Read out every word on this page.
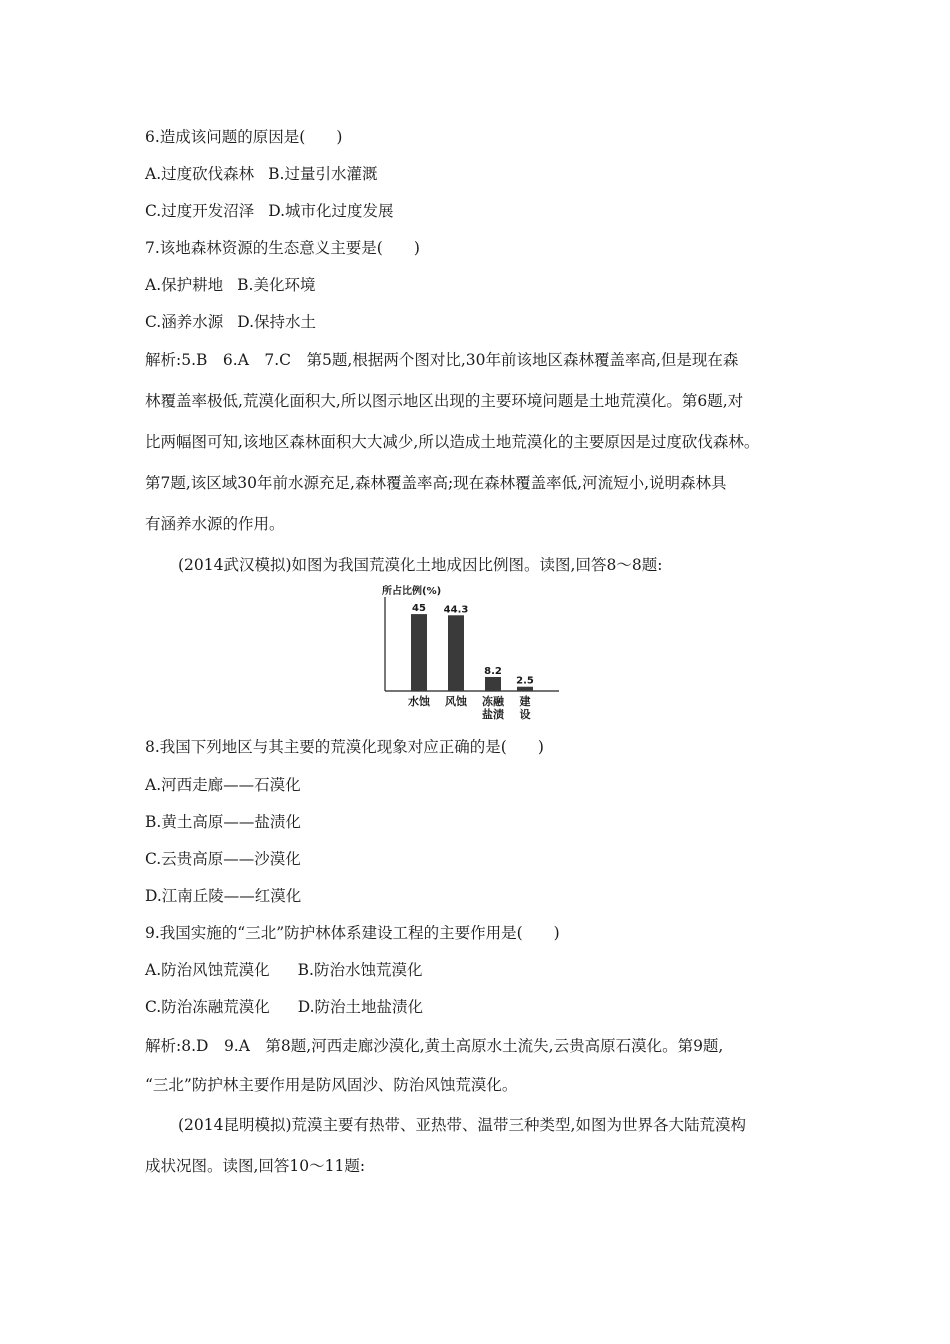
6.造成该问题的原因是(　　)
A.过度砍伐森林 B.过量引水灌溉
C.过度开发沼泽 D.城市化过度发展
7.该地森林资源的生态意义主要是(　　)
A.保护耕地 B.美化环境
C.涵养水源 D.保持水土
解析:5.B　6.A　7.C　第5题,根据两个图对比,30年前该地区森林覆盖率高,但是现在森
林覆盖率极低,荒漠化面积大,所以图示地区出现的主要环境问题是土地荒漠化。第6题,对
比两幅图可知,该地区森林面积大大减少,所以造成土地荒漠化的主要原因是过度砍伐森林。
第7题,该区域30年前水源充足,森林覆盖率高;现在森林覆盖率低,河流短小,说明森林具
有涵养水源的作用。
(2014武汉模拟)如图为我国荒漠化土地成因比例图。读图,回答8～8题:
所占比例(%)
45
水蚀
44.3
风蚀
8.2
冻融
盐渍
2.5
建
设
8.我国下列地区与其主要的荒漠化现象对应正确的是(　　)
A.河西走廊——石漠化
B.黄土高原——盐渍化
C.云贵高原——沙漠化
D.江南丘陵——红漠化
9.我国实施的“三北”防护林体系建设工程的主要作用是(　　)
A.防治风蚀荒漠化 B.防治水蚀荒漠化
C.防治冻融荒漠化 D.防治土地盐渍化
解析:8.D　9.A　第8题,河西走廊沙漠化,黄土高原水土流失,云贵高原石漠化。第9题,
“三北”防护林主要作用是防风固沙、防治风蚀荒漠化。
(2014昆明模拟)荒漠主要有热带、亚热带、温带三种类型,如图为世界各大陆荒漠构
成状况图。读图,回答10～11题:
